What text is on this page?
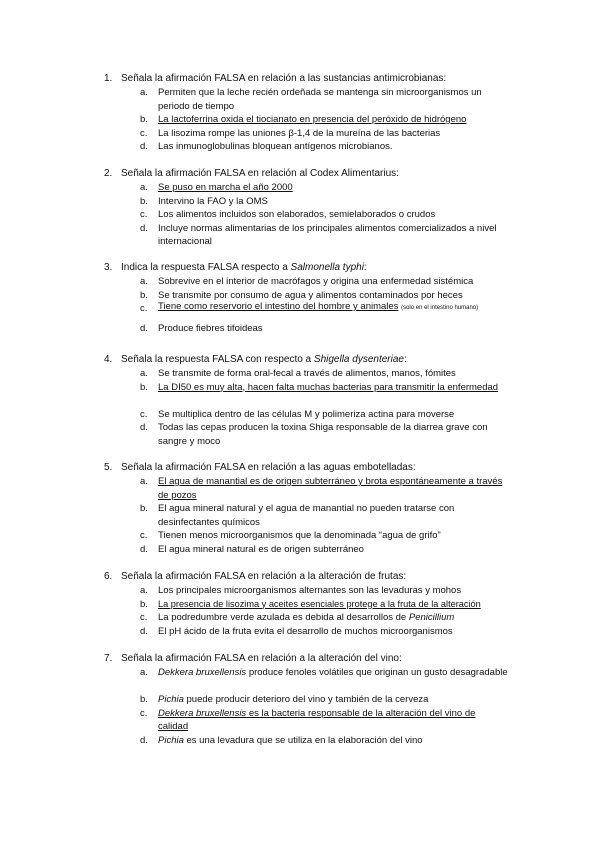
1. Señala la afirmación FALSA en relación a las sustancias antimicrobianas:
a. Permiten que la leche recién ordeñada se mantenga sin microorganismos un periodo de tiempo
b. La lactoferrina oxida el tiocianato en presencia del peróxido de hidrógeno
c. La lisozima rompe las uniones β-1,4 de la mureína de las bacterias
d. Las inmunoglobulinas bloquean antígenos microbianos.
2. Señala la afirmación FALSA en relación al Codex Alimentarius:
a. Se puso en marcha el año 2000
b. Intervino la FAO y la OMS
c. Los alimentos incluidos son elaborados, semielaborados o crudos
d. Incluye normas alimentarias de los principales alimentos comercializados a nivel internacional
3. Indica la respuesta FALSA respecto a Salmonella typhi:
a. Sobrevive en el interior de macrófagos y origina una enfermedad sistémica
b. Se transmite por consumo de agua y alimentos contaminados por heces
c. Tiene como reservorio el intestino del hombre y animales (solo en el intestino humano)
d. Produce fiebres tifoideas
4. Señala la respuesta FALSA con respecto a Shigella dysenteriae:
a. Se transmite de forma oral-fecal a través de alimentos, manos, fómites
b. La DI50 es muy alta, hacen falta muchas bacterias para transmitir la enfermedad
c. Se multiplica dentro de las células M y polimeriza actina para moverse
d. Todas las cepas producen la toxina Shiga responsable de la diarrea grave con sangre y moco
5. Señala la afirmación FALSA en relación a las aguas embotelladas:
a. El agua de manantial es de origen subterráneo y brota espontáneamente a través de pozos
b. El agua mineral natural y el agua de manantial no pueden tratarse con desinfectantes químicos
c. Tienen menos microorganismos que la denominada “agua de grifo”
d. El agua mineral natural es de origen subterráneo
6. Señala la afirmación FALSA en relación a la alteración de frutas:
a. Los principales microorganismos alternantes son las levaduras y mohos
b. La presencia de lisozima y aceites esenciales protege a la fruta de la alteración
c. La podredumbre verde azulada es debida al desarrollos de Penicillium
d. El pH ácido de la fruta evita el desarrollo de muchos microorganismos
7. Señala la afirmación FALSA en relación a la alteración del vino:
a. Dekkera bruxellensis produce fenoles volátiles que originan un gusto desagradable
b. Pichia puede producir deterioro del vino y también de la cerveza
c. Dekkera bruxellensis es la bacteria responsable de la alteración del vino de calidad
d. Pichia es una levadura que se utiliza en la elaboración del vino
